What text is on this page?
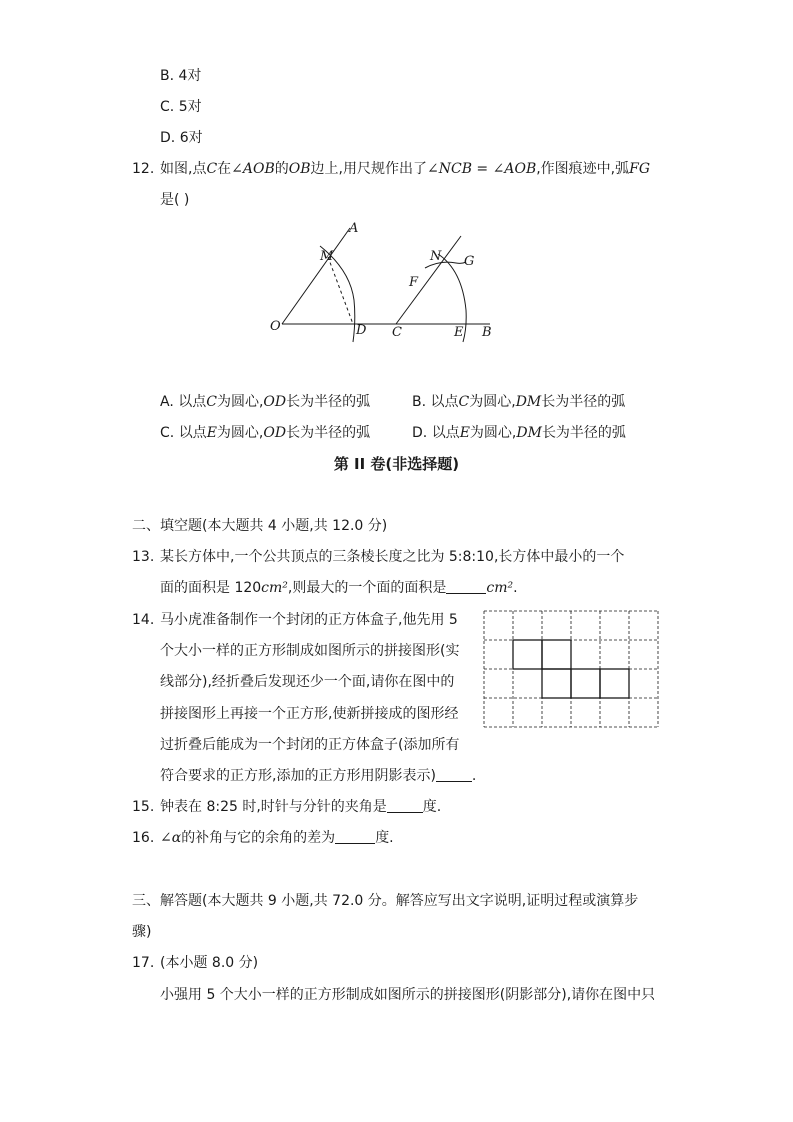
B. 4对
C. 5对
D. 6对
12. 如图,点C在∠AOB的OB边上,用尺规作出了∠NCB = ∠AOB,作图痕迹中,弧FG
是( )
A
M
O	D C
N G
F
E B
A. 以点C为圆心,OD长为半径的弧	B. 以点C为圆心,DM长为半径的弧
C. 以点E为圆心,OD长为半径的弧	D. 以点E为圆心,DM长为半径的弧
第 II 卷(非选择题)
二、填空题(本大题共 4 小题,共 12.0 分)
13. 某长方体中,一个公共顶点的三条棱长度之比为 5:8:10,长方体中最小的一个
面的面积是 120cm²,则最大的一个面的面积是	cm².
14. 马小虎准备制作一个封闭的正方体盒子,他先用 5
个大小一样的正方形制成如图所示的拼接图形(实
线部分),经折叠后发现还少一个面,请你在图中的
拼接图形上再接一个正方形,使新拼接成的图形经
过折叠后能成为一个封闭的正方体盒子(添加所有
符合要求的正方形,添加的正方形用阴影表示)	.
15. 钟表在 8:25 时,时针与分针的夹角是	度.
16. ∠α的补角与它的余角的差为	度.
三、解答题(本大题共 9 小题,共 72.0 分。解答应写出文字说明,证明过程或演算步
骤)
17. (本小题 8.0 分)
小强用 5 个大小一样的正方形制成如图所示的拼接图形(阴影部分),请你在图中只
